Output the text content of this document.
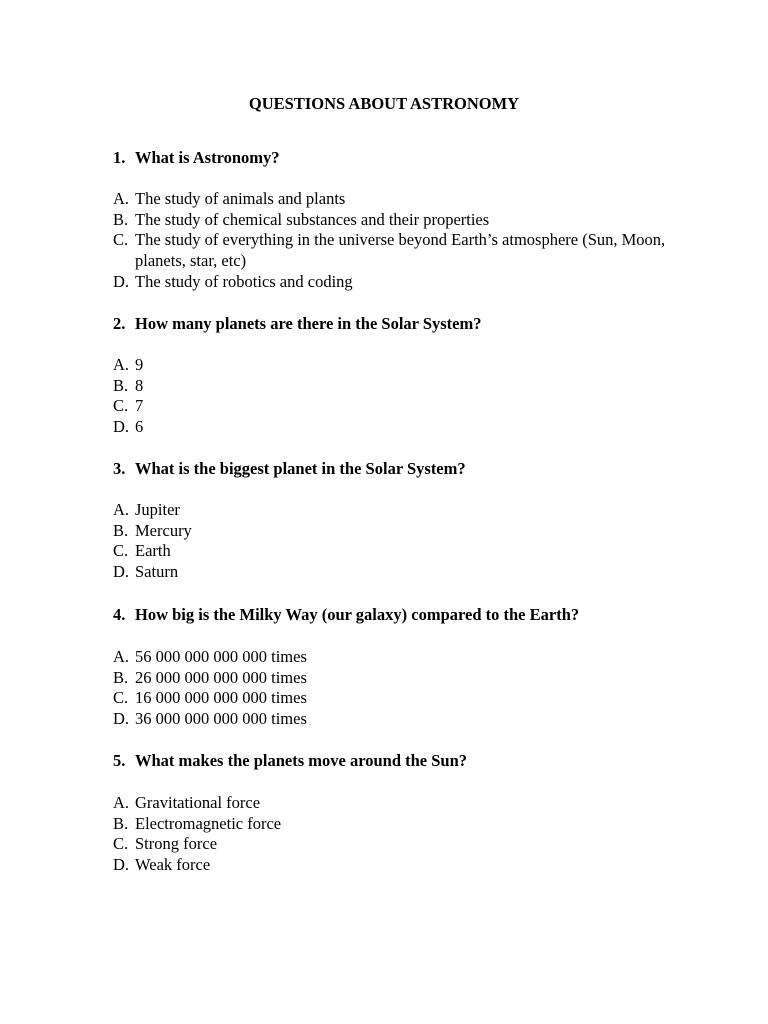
QUESTIONS ABOUT ASTRONOMY
1. What is Astronomy?
A. The study of animals and plants
B. The study of chemical substances and their properties
C. The study of everything in the universe beyond Earth’s atmosphere (Sun, Moon, planets, star, etc)
D. The study of robotics and coding
2. How many planets are there in the Solar System?
A. 9
B. 8
C. 7
D. 6
3. What is the biggest planet in the Solar System?
A. Jupiter
B. Mercury
C. Earth
D. Saturn
4. How big is the Milky Way (our galaxy) compared to the Earth?
A. 56 000 000 000 000 times
B. 26 000 000 000 000 times
C. 16 000 000 000 000 times
D. 36 000 000 000 000 times
5. What makes the planets move around the Sun?
A. Gravitational force
B. Electromagnetic force
C. Strong force
D. Weak force
